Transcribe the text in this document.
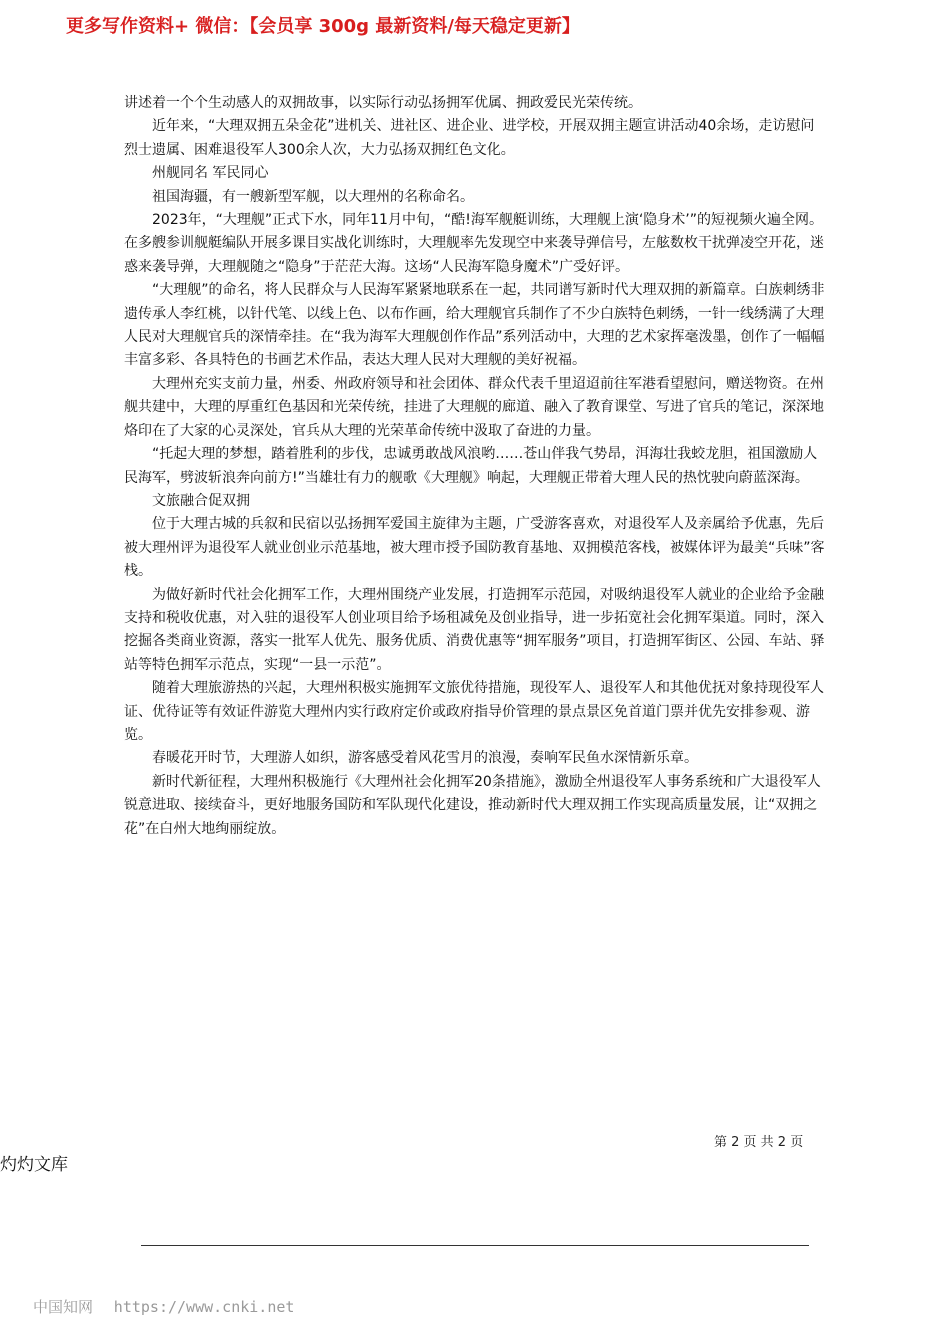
更多写作资料+ 微信：【会员享 300g 最新资料/每天稳定更新】

讲述着一个个生动感人的双拥故事，以实际行动弘扬拥军优属、拥政爱民光荣传统。

近年来，“大理双拥五朵金花”进机关、进社区、进企业、进学校，开展双拥主题宣讲活动40余场，走访慰问烈士遗属、困难退役军人300余人次，大力弘扬双拥红色文化。

州舰同名 军民同心

祖国海疆，有一艘新型军舰，以大理州的名称命名。

2023年，“大理舰”正式下水，同年11月中旬，“酷!海军舰艇训练，大理舰上演‘隐身术’”的短视频火遍全网。在多艘参训舰艇编队开展多课目实战化训练时，大理舰率先发现空中来袭导弹信号，左舷数枚干扰弹凌空开花，迷惑来袭导弹，大理舰随之“隐身”于茫茫大海。这场“人民海军隐身魔术”广受好评。

“大理舰”的命名，将人民群众与人民海军紧紧地联系在一起，共同谱写新时代大理双拥的新篇章。白族刺绣非遗传承人李红桃，以针代笔、以线上色、以布作画，给大理舰官兵制作了不少白族特色刺绣，一针一线绣满了大理人民对大理舰官兵的深情牵挂。在“我为海军大理舰创作作品”系列活动中，大理的艺术家挥毫泼墨，创作了一幅幅丰富多彩、各具特色的书画艺术作品，表达大理人民对大理舰的美好祝福。

大理州充实支前力量，州委、州政府领导和社会团体、群众代表千里迢迢前往军港看望慰问，赠送物资。在州舰共建中，大理的厚重红色基因和光荣传统，挂进了大理舰的廊道、融入了教育课堂、写进了官兵的笔记，深深地烙印在了大家的心灵深处，官兵从大理的光荣革命传统中汲取了奋进的力量。

“托起大理的梦想，踏着胜利的步伐，忠诚勇敢战风浪哟……苍山伴我气势昂，洱海壮我蛟龙胆，祖国激励人民海军，劈波斩浪奔向前方!”当雄壮有力的舰歌《大理舰》响起，大理舰正带着大理人民的热忱驶向蔚蓝深海。

文旅融合促双拥

位于大理古城的兵叙和民宿以弘扬拥军爱国主旋律为主题，广受游客喜欢，对退役军人及亲属给予优惠，先后被大理州评为退役军人就业创业示范基地，被大理市授予国防教育基地、双拥模范客栈，被媒体评为最美“兵味”客栈。

为做好新时代社会化拥军工作，大理州围绕产业发展，打造拥军示范园，对吸纳退役军人就业的企业给予金融支持和税收优惠，对入驻的退役军人创业项目给予场租减免及创业指导，进一步拓宽社会化拥军渠道。同时，深入挖掘各类商业资源，落实一批军人优先、服务优质、消费优惠等“拥军服务”项目，打造拥军街区、公园、车站、驿站等特色拥军示范点，实现“一县一示范”。

随着大理旅游热的兴起，大理州积极实施拥军文旅优待措施，现役军人、退役军人和其他优抚对象持现役军人证、优待证等有效证件游览大理州内实行政府定价或政府指导价管理的景点景区免首道门票并优先安排参观、游览。

春暖花开时节，大理游人如织，游客感受着风花雪月的浪漫，奏响军民鱼水深情新乐章。

新时代新征程，大理州积极施行《大理州社会化拥军20条措施》，激励全州退役军人事务系统和广大退役军人锐意进取、接续奋斗，更好地服务国防和军队现代化建设，推动新时代大理双拥工作实现高质量发展，让“双拥之花”在白州大地绚丽绽放。

第 2 页 共 2 页
灼灼文库
中国知网 https://www.cnki.net
